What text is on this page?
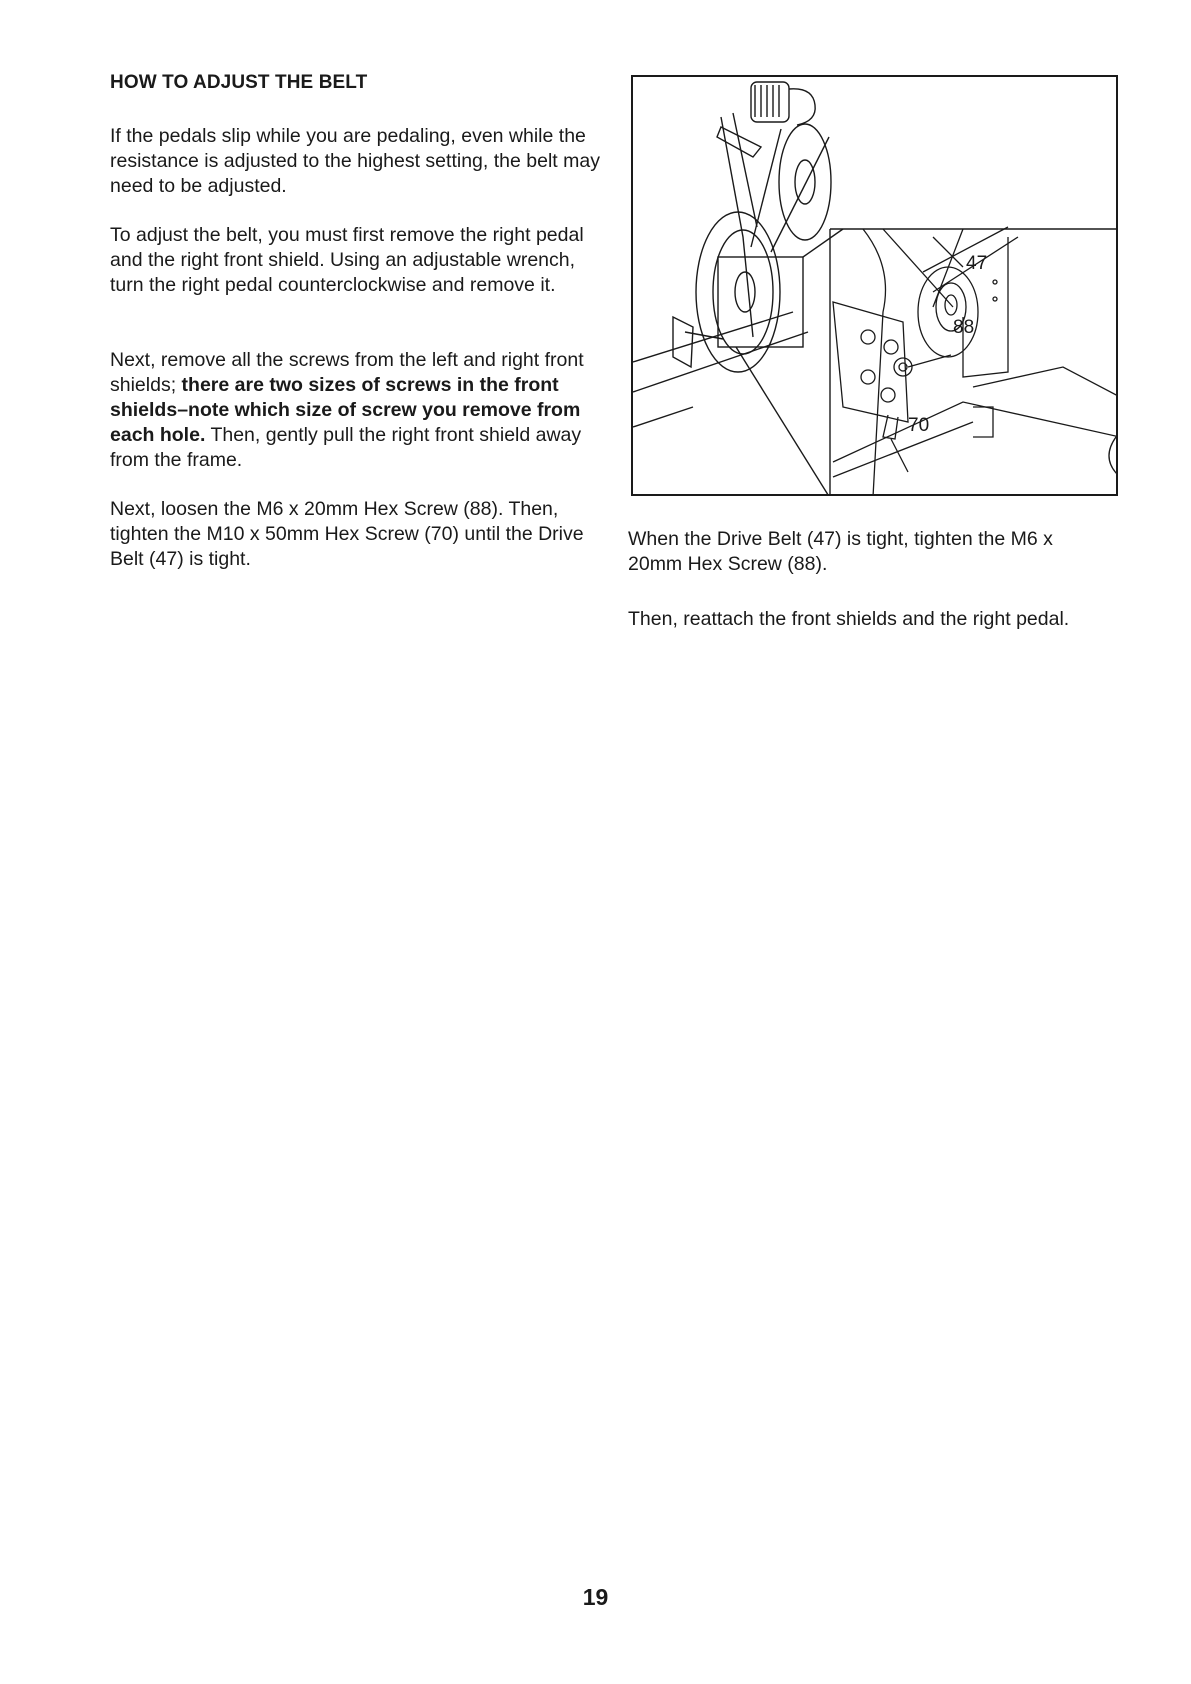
HOW TO ADJUST THE BELT

If the pedals slip while you are pedaling, even while the resistance is adjusted to the highest setting, the belt may need to be adjusted.

To adjust the belt, you must first remove the right pedal and the right front shield. Using an adjustable wrench, turn the right pedal counterclockwise and remove it.

Next, remove all the screws from the left and right front shields; there are two sizes of screws in the front shields–note which size of screw you remove from each hole. Then, gently pull the right front shield away from the frame.

Next, loosen the M6 x 20mm Hex Screw (88). Then, tighten the M10 x 50mm Hex Screw (70) until the Drive Belt (47) is tight.

47
88
70

When the Drive Belt (47) is tight, tighten the M6 x 20mm Hex Screw (88).

Then, reattach the front shields and the right pedal.

19
